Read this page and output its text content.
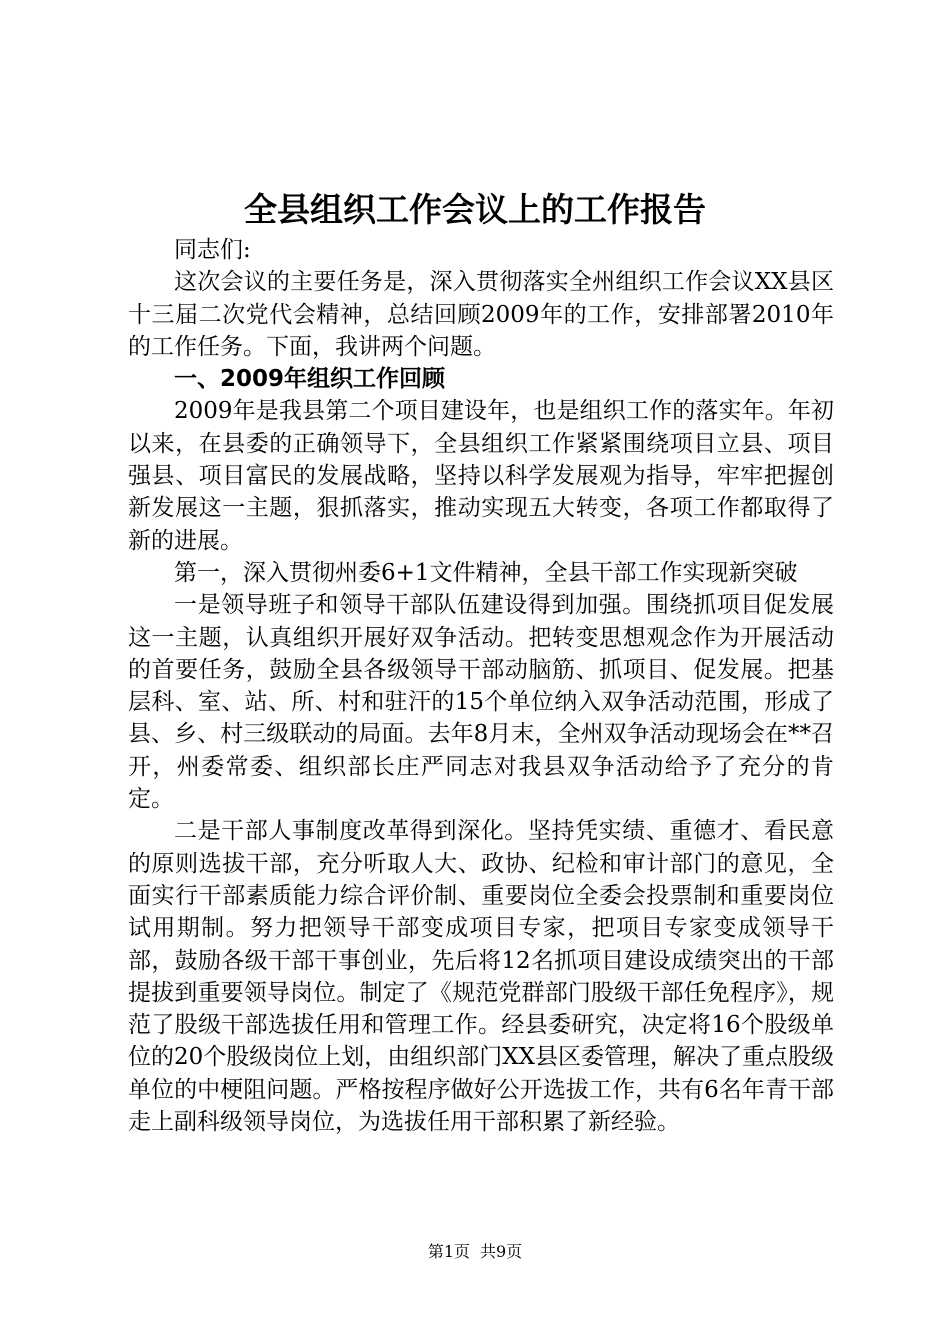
全县组织工作会议上的工作报告

同志们:

这次会议的主要任务是，深入贯彻落实全州组织工作会议XX县区十三届二次党代会精神，总结回顾2009年的工作，安排部署2010年的工作任务。下面，我讲两个问题。

一、2009年组织工作回顾

2009年是我县第二个项目建设年，也是组织工作的落实年。年初以来，在县委的正确领导下，全县组织工作紧紧围绕项目立县、项目强县、项目富民的发展战略，坚持以科学发展观为指导，牢牢把握创新发展这一主题，狠抓落实，推动实现五大转变，各项工作都取得了新的进展。

第一，深入贯彻州委6+1文件精神，全县干部工作实现新突破

一是领导班子和领导干部队伍建设得到加强。围绕抓项目促发展这一主题，认真组织开展好双争活动。把转变思想观念作为开展活动的首要任务，鼓励全县各级领导干部动脑筋、抓项目、促发展。把基层科、室、站、所、村和驻汗的15个单位纳入双争活动范围，形成了县、乡、村三级联动的局面。去年8月末，全州双争活动现场会在**召开，州委常委、组织部长庄严同志对我县双争活动给予了充分的肯定。

二是干部人事制度改革得到深化。坚持凭实绩、重德才、看民意的原则选拔干部，充分听取人大、政协、纪检和审计部门的意见，全面实行干部素质能力综合评价制、重要岗位全委会投票制和重要岗位试用期制。努力把领导干部变成项目专家，把项目专家变成领导干部，鼓励各级干部干事创业，先后将12名抓项目建设成绩突出的干部提拔到重要领导岗位。制定了《规范党群部门股级干部任免程序》，规范了股级干部选拔任用和管理工作。经县委研究，决定将16个股级单位的20个股级岗位上划，由组织部门XX县区委管理，解决了重点股级单位的中梗阻问题。严格按程序做好公开选拔工作，共有6名年青干部走上副科级领导岗位，为选拔任用干部积累了新经验。

第1页 共9页
